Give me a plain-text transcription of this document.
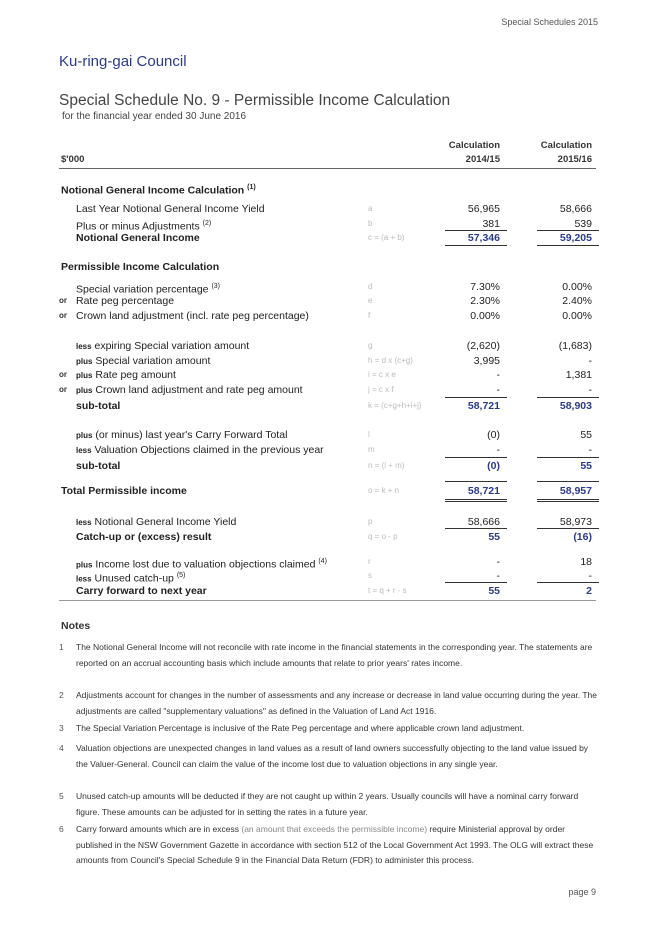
Special Schedules 2015
Ku-ring-gai Council
Special Schedule No. 9 - Permissible Income Calculation
for the financial year ended 30 June 2016
Calculation
2014/15
Calculation
2015/16
$'000
Notional General Income Calculation $^{(1)}$
Last Year Notional General Income Yield	a	56,965	58,666
Plus or minus Adjustments $^{(2)}$	b	381	539
Notional General Income	c = (a + b)	57,346	59,205
Permissible Income Calculation
Special variation percentage $^{(3)}$	d	7.30%	0.00%
or Rate peg percentage	e	2.30%	2.40%
or Crown land adjustment (incl. rate peg percentage)	f	0.00%	0.00%
less expiring Special variation amount	g	(2,620)	(1,683)
plus Special variation amount	h = d x (c+g)	3,995	-
or plus Rate peg amount	i = c x e	-	1,381
or plus Crown land adjustment and rate peg amount	j = c x f	-	-
sub-total	k = (c+g+h+i+j)	58,721	58,903
plus (or minus) last year's Carry Forward Total	l	(0)	55
less Valuation Objections claimed in the previous year	m	-	-
sub-total	n = (l + m)	(0)	55
Total Permissible income	o = k + n	58,721	58,957
less Notional General Income Yield	p	58,666	58,973
Catch-up or (excess) result	q = o - p	55	(16)
plus Income lost due to valuation objections claimed $^{(4)}$	r	-	18
less Unused catch-up $^{(5)}$	s	-	-
Carry forward to next year	t = q + r - s	55	2
Notes
1 The Notional General Income will not reconcile with rate income in the financial statements in the corresponding year. The statements are reported on an accrual accounting basis which include amounts that relate to prior years' rates income.
2 Adjustments account for changes in the number of assessments and any increase or decrease in land value occurring during the year. The adjustments are called "supplementary valuations" as defined in the Valuation of Land Act 1916.
3 The Special Variation Percentage is inclusive of the Rate Peg percentage and where applicable crown land adjustment.
4 Valuation objections are unexpected changes in land values as a result of land owners successfully objecting to the land value issued by the Valuer-General. Council can claim the value of the income lost due to valuation objections in any single year.
5 Unused catch-up amounts will be deducted if they are not caught up within 2 years. Usually councils will have a nominal carry forward figure. These amounts can be adjusted for in setting the rates in a future year.
6 Carry forward amounts which are in excess (an amount that exceeds the permissible income) require Ministerial approval by order published in the NSW Government Gazette in accordance with section 512 of the Local Government Act 1993. The OLG will extract these amounts from Council's Special Schedule 9 in the Financial Data Return (FDR) to administer this process.
page 9
